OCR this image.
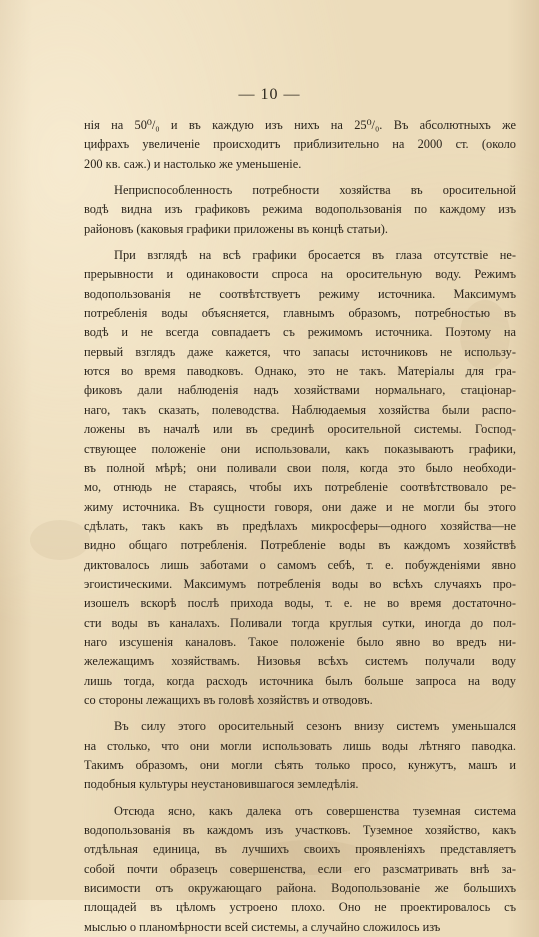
— 10 —

нія на 50⁰/₀ и въ каждую изъ нихъ на 25⁰/₀. Въ абсолютныхъ же
цифрахъ увеличеніе происходитъ приблизительно на 2000 ст. (около
200 кв. саж.) и настолько же уменьшеніе.

Неприспособленность потребности хозяйства въ оросительной
водѣ видна изъ графиковъ режима водопользованія по каждому изъ
районовъ (каковыя графики приложены въ концѣ статьи).

При взглядѣ на всѣ графики бросается въ глаза отсутствіе не-
прерывности и одинаковости спроса на оросительную воду. Режимъ
водопользованія не соотвѣтствуетъ режиму источника. Максимумъ
потребленія воды объясняется, главнымъ образомъ, потребностью въ
водѣ и не всегда совпадаетъ съ режимомъ источника. Поэтому на
первый взглядъ даже кажется, что запасы источниковъ не использу-
ются во время паводковъ. Однако, это не такъ. Матеріалы для гра-
фиковъ дали наблюденія надъ хозяйствами нормальнаго, стаціонар-
наго, такъ сказать, полеводства. Наблюдаемыя хозяйства были распо-
ложены въ началѣ или въ срединѣ оросительной системы. Господ-
ствующее положеніе они использовали, какъ показываютъ графики,
въ полной мѣрѣ; они поливали свои поля, когда это было необходи-
мо, отнюдь не стараясь, чтобы ихъ потребленіе соотвѣтствовало ре-
жиму источника. Въ сущности говоря, они даже и не могли бы этого
сдѣлать, такъ какъ въ предѣлахъ микросферы—одного хозяйства—не
видно общаго потребленія. Потребленіе воды въ каждомъ хозяйствѣ
диктовалось лишь заботами о самомъ себѣ, т. е. побужденіями явно
эгоистическими. Максимумъ потребленія воды во всѣхъ случаяхъ про-
изошелъ вскорѣ послѣ прихода воды, т. е. не во время достаточно-
сти воды въ каналахъ. Поливали тогда круглыя сутки, иногда до пол-
наго изсушенія каналовъ. Такое положеніе было явно во вредъ ни-
жележащимъ хозяйствамъ. Низовья всѣхъ системъ получали воду
лишь тогда, когда расходъ источника былъ больше запроса на воду
со стороны лежащихъ въ головѣ хозяйствъ и отводовъ.

Въ силу этого оросительный сезонъ внизу системъ уменьшался
на столько, что они могли использовать лишь воды лѣтняго паводка.
Такимъ образомъ, они могли сѣять только просо, кунжутъ, машъ и
подобныя культуры неустановившагося земледѣлія.

Отсюда ясно, какъ далека отъ совершенства туземная система
водопользованія въ каждомъ изъ участковъ. Туземное хозяйство, какъ
отдѣльная единица, въ лучшихъ своихъ проявленіяхъ представляетъ
собой почти образецъ совершенства, если его разсматривать внѣ за-
висимости отъ окружающаго района. Водопользованіе же большихъ
площадей въ цѣломъ устроено плохо. Оно не проектировалось съ
мыслью о планомѣрности всей системы, а случайно сложилось изъ
